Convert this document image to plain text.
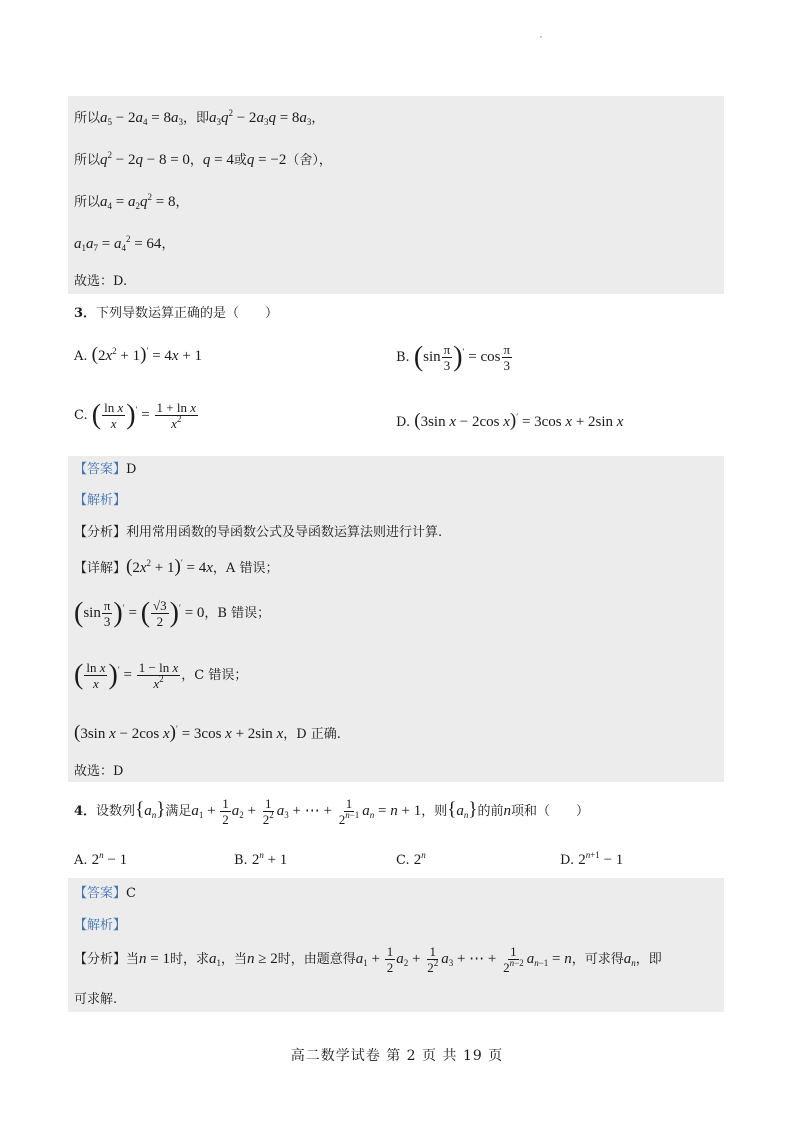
所以$a_5 - 2a_4 = 8a_3$，即$a_3q^2 - 2a_3q = 8a_3$，
所以$q^2 - 2q - 8 = 0$，q = 4或q = −2（舍），
所以$a_4 = a_2q^2 = 8$，
$a_1a_7 = a_4^2 = 64$，
故选：D.
3．下列导数运算正确的是（　　）
A. $(2x^2 + 1)' = 4x + 1$	B. $(\sin \frac{\pi}{3} )' = \cos \frac{\pi}{3}$
C. ( $\frac{\text{ln x}}{x} )' = \frac{\text{1 + ln x}}{x^2}$	D. (3sin x − 2cos x)′ = 3cos x + 2sin x
【答案】D
【解析】
【分析】利用常用函数的导函数公式及导函数运算法则进行计算.
【详解】$(2x^2 + 1)' = 4x$，A 错误；
$(\sin \frac{\pi}{3} )'$ = ( $\frac{√3}{2} )' = 0$，B 错误；
( $\frac{\text{ln x}}{x} )' = \frac{\text{1 − ln x}}{x^2}$ ，C 错误；
(3sin x − 2cos x)′ = 3cos x + 2sin x，D 正确.
故选：D
4．设数列$\{a_n\}$满足$a_1 + \frac{1}{2} a_2 + \frac{1}{2^2} a_3$ + ⋯ + $\frac{1}{2^{n-1}} a_n = n + 1$，则$\{a_n\}$的前n项和（　　）
A. $2^n - 1$	B. $2^n + 1$	C. 2$^n$	D. $2^{n+1} - 1$
【答案】C
【解析】
【分析】当n = 1时，求$a_1$，当n ≥ 2时，由题意得$a_1 + \frac{1}{2} a_2 + \frac{1}{2^2} a_3$ + ⋯ + $\frac{1}{2^{n-2}} a_{n-1} = n$，可求得$a_n$，即
可求解.
高二数学试卷 第 2 页 共 19 页
